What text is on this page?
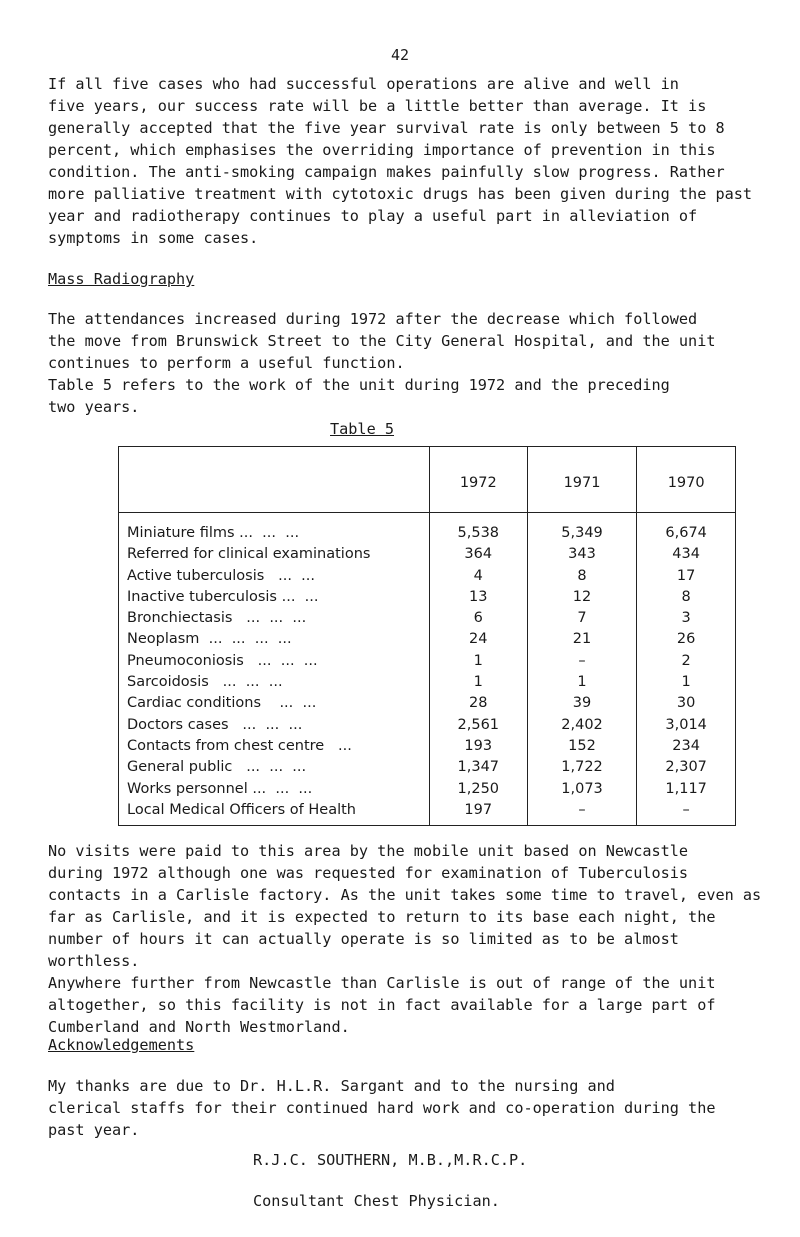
42

If all five cases who had successful operations are alive and well in
five years, our success rate will be a little better than average. It is
generally accepted that the five year survival rate is only between 5 to 8
percent, which emphasises the overriding importance of prevention in this
condition. The anti-smoking campaign makes painfully slow progress. Rather
more palliative treatment with cytotoxic drugs has been given during the past
year and radiotherapy continues to play a useful part in alleviation of
symptoms in some cases.

Mass Radiography

The attendances increased during 1972 after the decrease which followed
the move from Brunswick Street to the City General Hospital, and the unit
continues to perform a useful function.

Table 5 refers to the work of the unit during 1972 and the preceding
two years.

Table 5
	1972	1971	1970
Miniature films ...  ...  ...	5,538	5,349	6,674
Referred for clinical examinations	364	343	434
Active tuberculosis   ...  ...	4	8	17
Inactive tuberculosis ...  ...	13	12	8
Bronchiectasis   ...  ...  ...	6	7	3
Neoplasm  ...  ...  ...  ...	24	21	26
Pneumoconiosis   ...  ...  ...	1	–	2
Sarcoidosis   ...  ...  ...	1	1	1
Cardiac conditions    ...  ...	28	39	30
Doctors cases   ...  ...  ...	2,561	2,402	3,014
Contacts from chest centre   ...	193	152	234
General public   ...  ...  ...	1,347	1,722	2,307
Works personnel ...  ...  ...	1,250	1,073	1,117
Local Medical Officers of Health	197	–	–

No visits were paid to this area by the mobile unit based on Newcastle
during 1972 although one was requested for examination of Tuberculosis
contacts in a Carlisle factory. As the unit takes some time to travel, even as
far as Carlisle, and it is expected to return to its base each night, the
number of hours it can actually operate is so limited as to be almost worthless.
Anywhere further from Newcastle than Carlisle is out of range of the unit
altogether, so this facility is not in fact available for a large part of
Cumberland and North Westmorland.

Acknowledgements

My thanks are due to Dr. H.L.R. Sargant and to the nursing and
clerical staffs for their continued hard work and co-operation during the
past year.

R.J.C. SOUTHERN, M.B.,M.R.C.P.
Consultant Chest Physician.
